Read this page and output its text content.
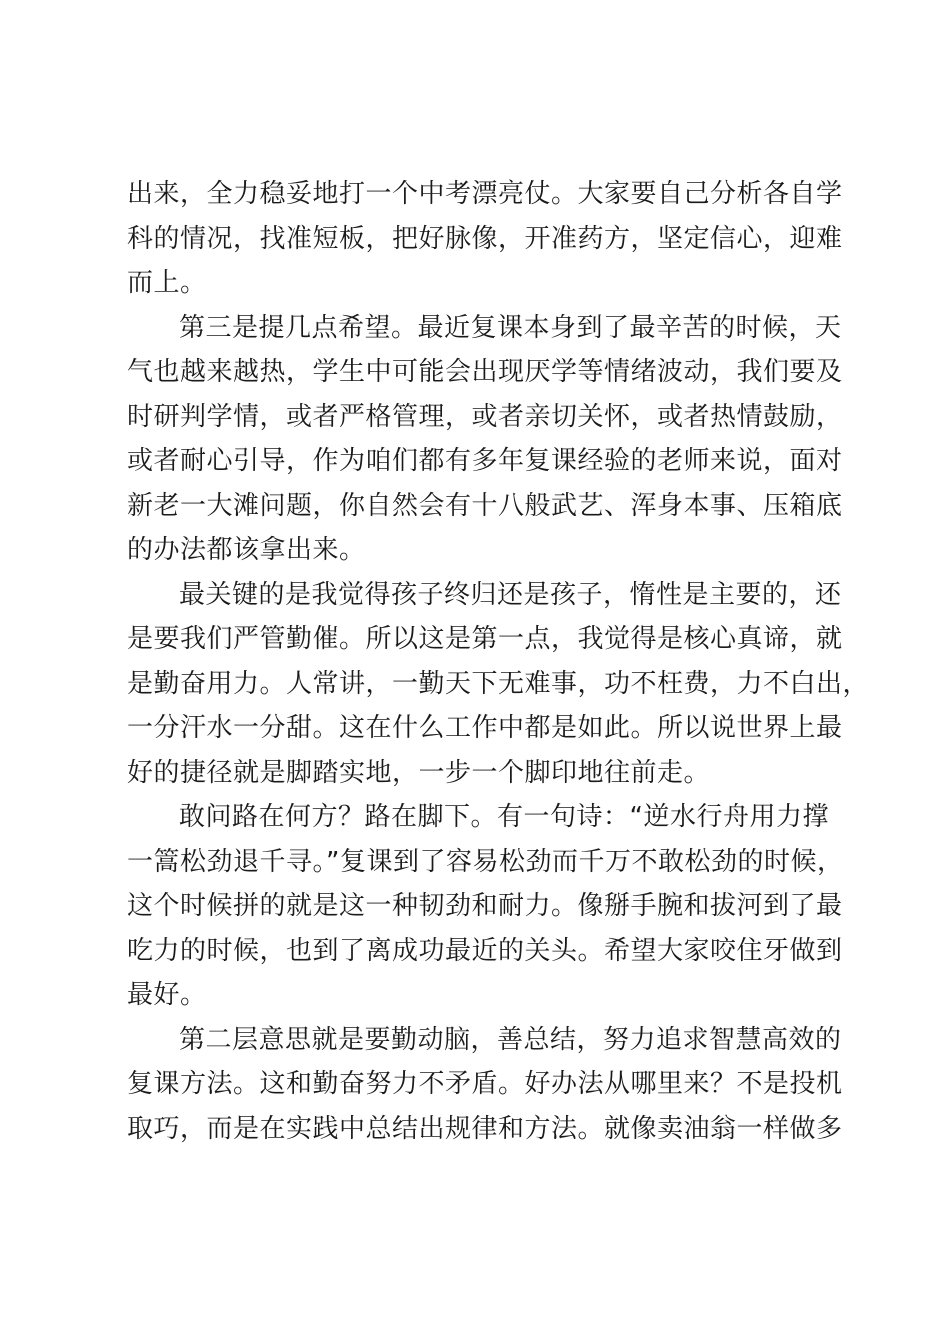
出来，全力稳妥地打一个中考漂亮仗。大家要自己分析各自学
科的情况，找准短板，把好脉像，开准药方，坚定信心，迎难
而上。
第三是提几点希望。最近复课本身到了最辛苦的时候，天
气也越来越热，学生中可能会出现厌学等情绪波动，我们要及
时研判学情，或者严格管理，或者亲切关怀，或者热情鼓励，
或者耐心引导，作为咱们都有多年复课经验的老师来说，面对
新老一大滩问题，你自然会有十八般武艺、浑身本事、压箱底
的办法都该拿出来。
最关键的是我觉得孩子终归还是孩子，惰性是主要的，还
是要我们严管勤催。所以这是第一点，我觉得是核心真谛，就
是勤奋用力。人常讲，一勤天下无难事，功不枉费，力不白出，
一分汗水一分甜。这在什么工作中都是如此。所以说世界上最
好的捷径就是脚踏实地，一步一个脚印地往前走。
敢问路在何方？路在脚下。有一句诗：“逆水行舟用力撑
一篙松劲退千寻。”复课到了容易松劲而千万不敢松劲的时候，
这个时候拼的就是这一种韧劲和耐力。像掰手腕和拔河到了最
吃力的时候，也到了离成功最近的关头。希望大家咬住牙做到
最好。
第二层意思就是要勤动脑，善总结，努力追求智慧高效的
复课方法。这和勤奋努力不矛盾。好办法从哪里来？不是投机
取巧，而是在实践中总结出规律和方法。就像卖油翁一样做多
